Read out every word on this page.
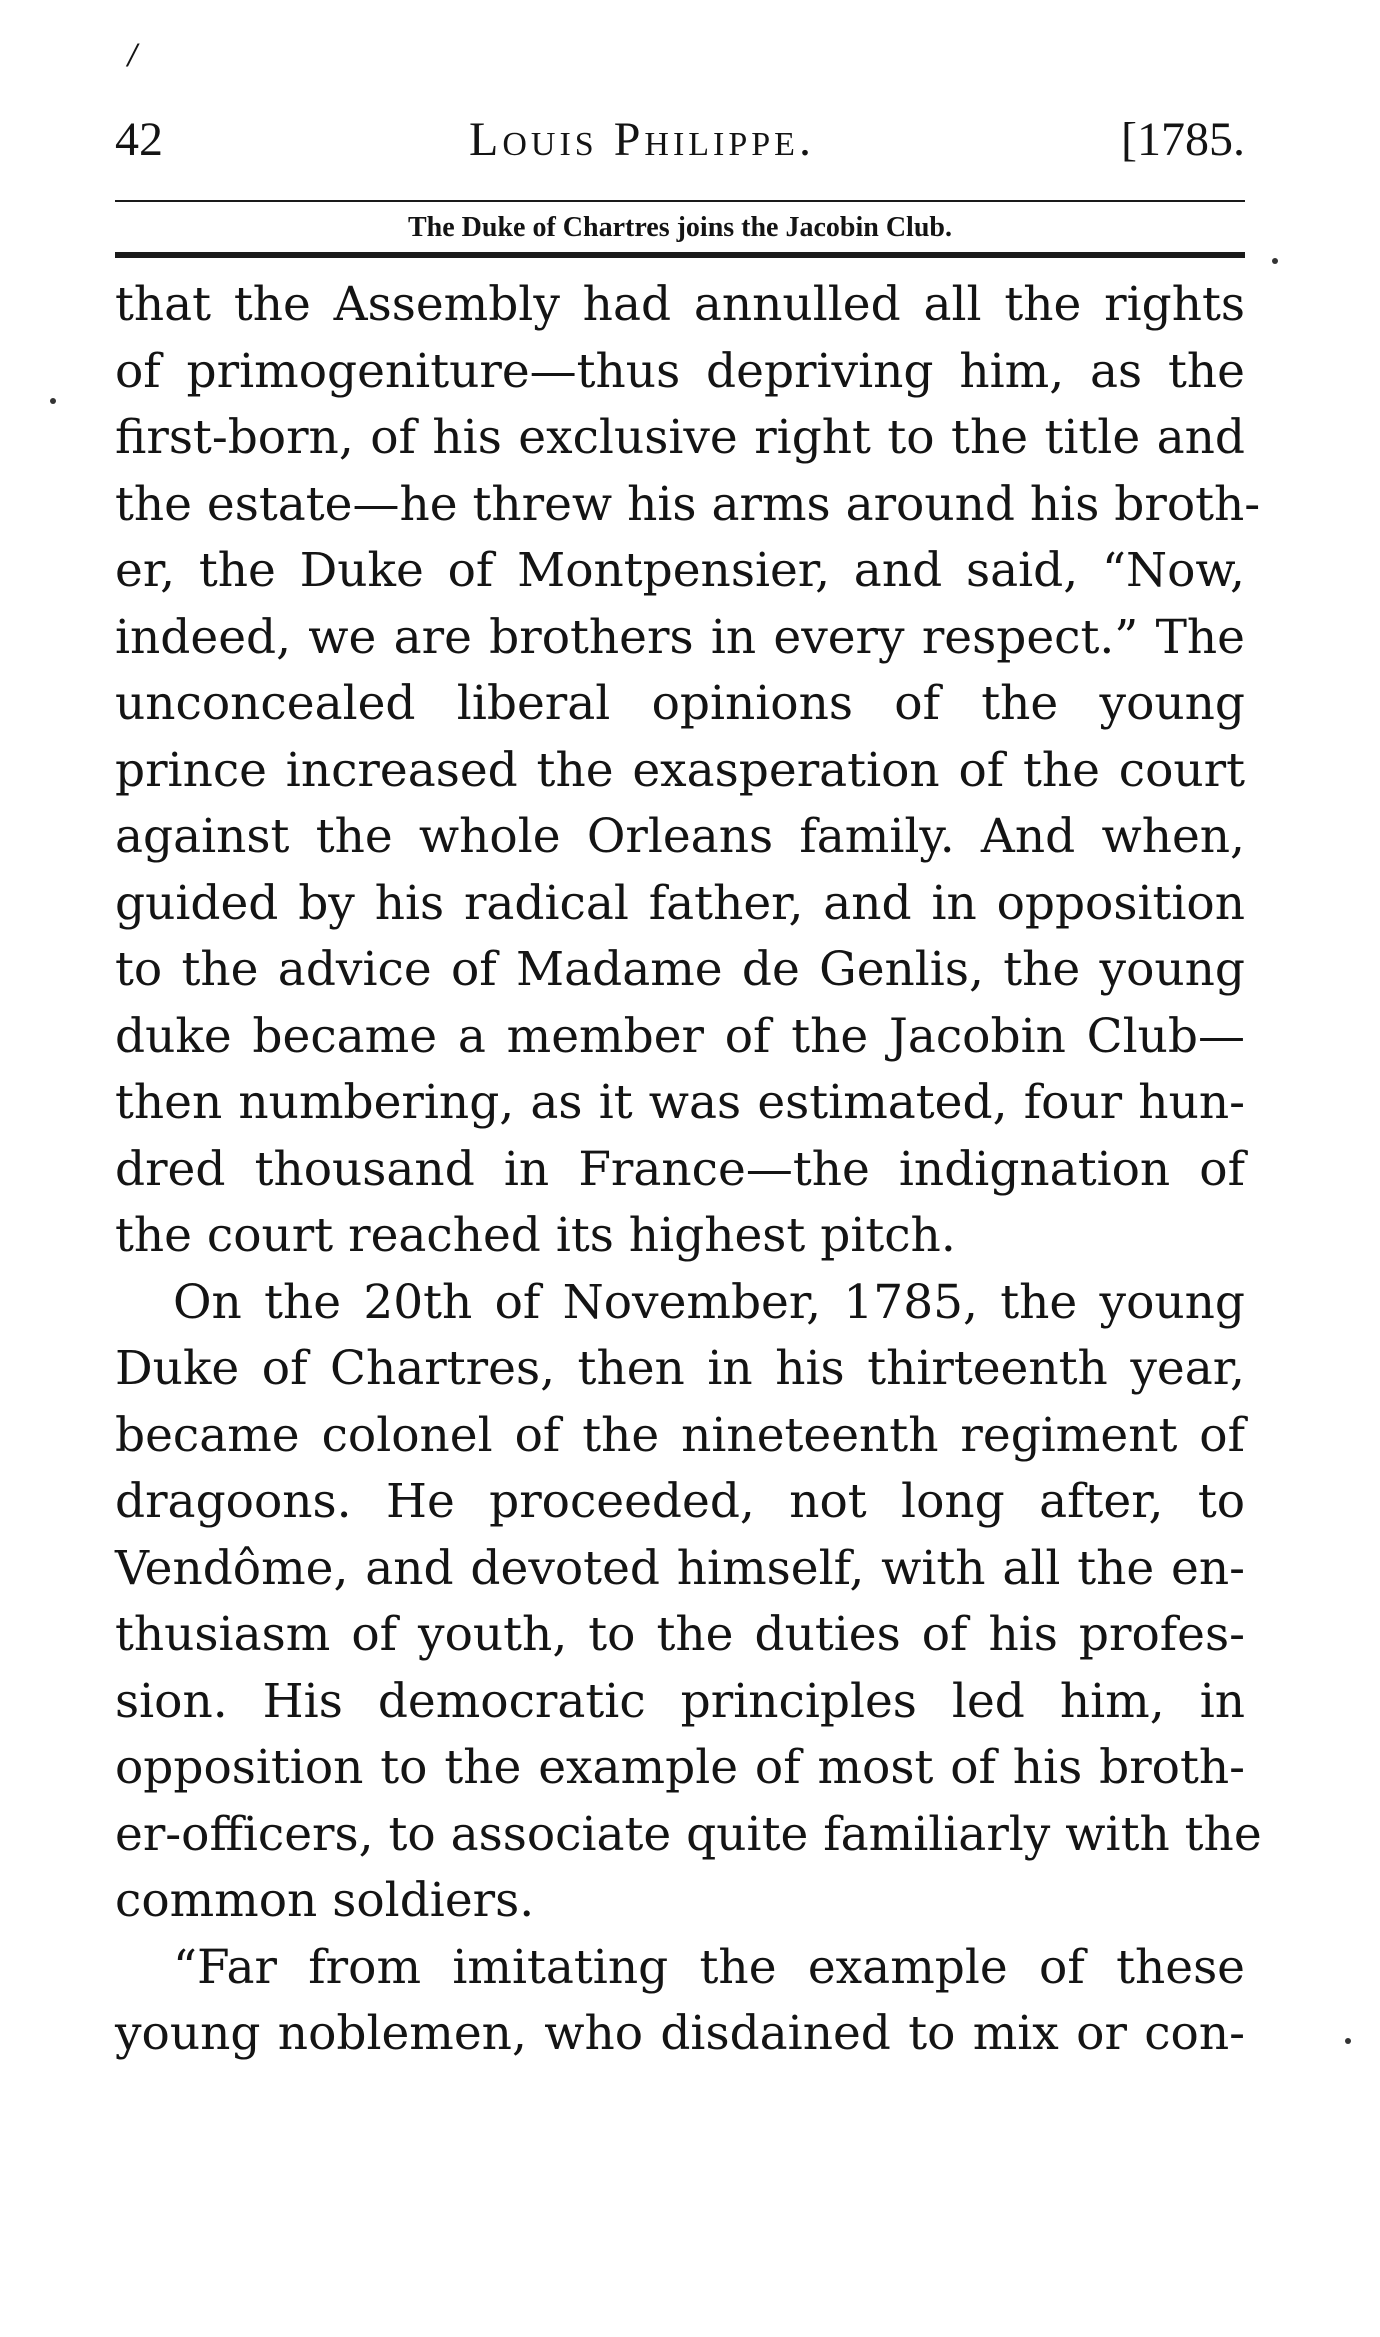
/
42	Louis Philippe.	[1785.
The Duke of Chartres joins the Jacobin Club.
that the Assembly had annulled all the rights
of primogeniture—thus depriving him, as the
first-born, of his exclusive right to the title and
the estate—he threw his arms around his broth-
er, the Duke of Montpensier, and said, “Now,
indeed, we are brothers in every respect.” The
unconcealed liberal opinions of the young
prince increased the exasperation of the court
against the whole Orleans family. And when,
guided by his radical father, and in opposition
to the advice of Madame de Genlis, the young
duke became a member of the Jacobin Club—
then numbering, as it was estimated, four hun-
dred thousand in France—the indignation of
the court reached its highest pitch.
On the 20th of November, 1785, the young
Duke of Chartres, then in his thirteenth year,
became colonel of the nineteenth regiment of
dragoons. He proceeded, not long after, to
Vendôme, and devoted himself, with all the en-
thusiasm of youth, to the duties of his profes-
sion. His democratic principles led him, in
opposition to the example of most of his broth-
er-officers, to associate quite familiarly with the
common soldiers.
“Far from imitating the example of these
young noblemen, who disdained to mix or con-
